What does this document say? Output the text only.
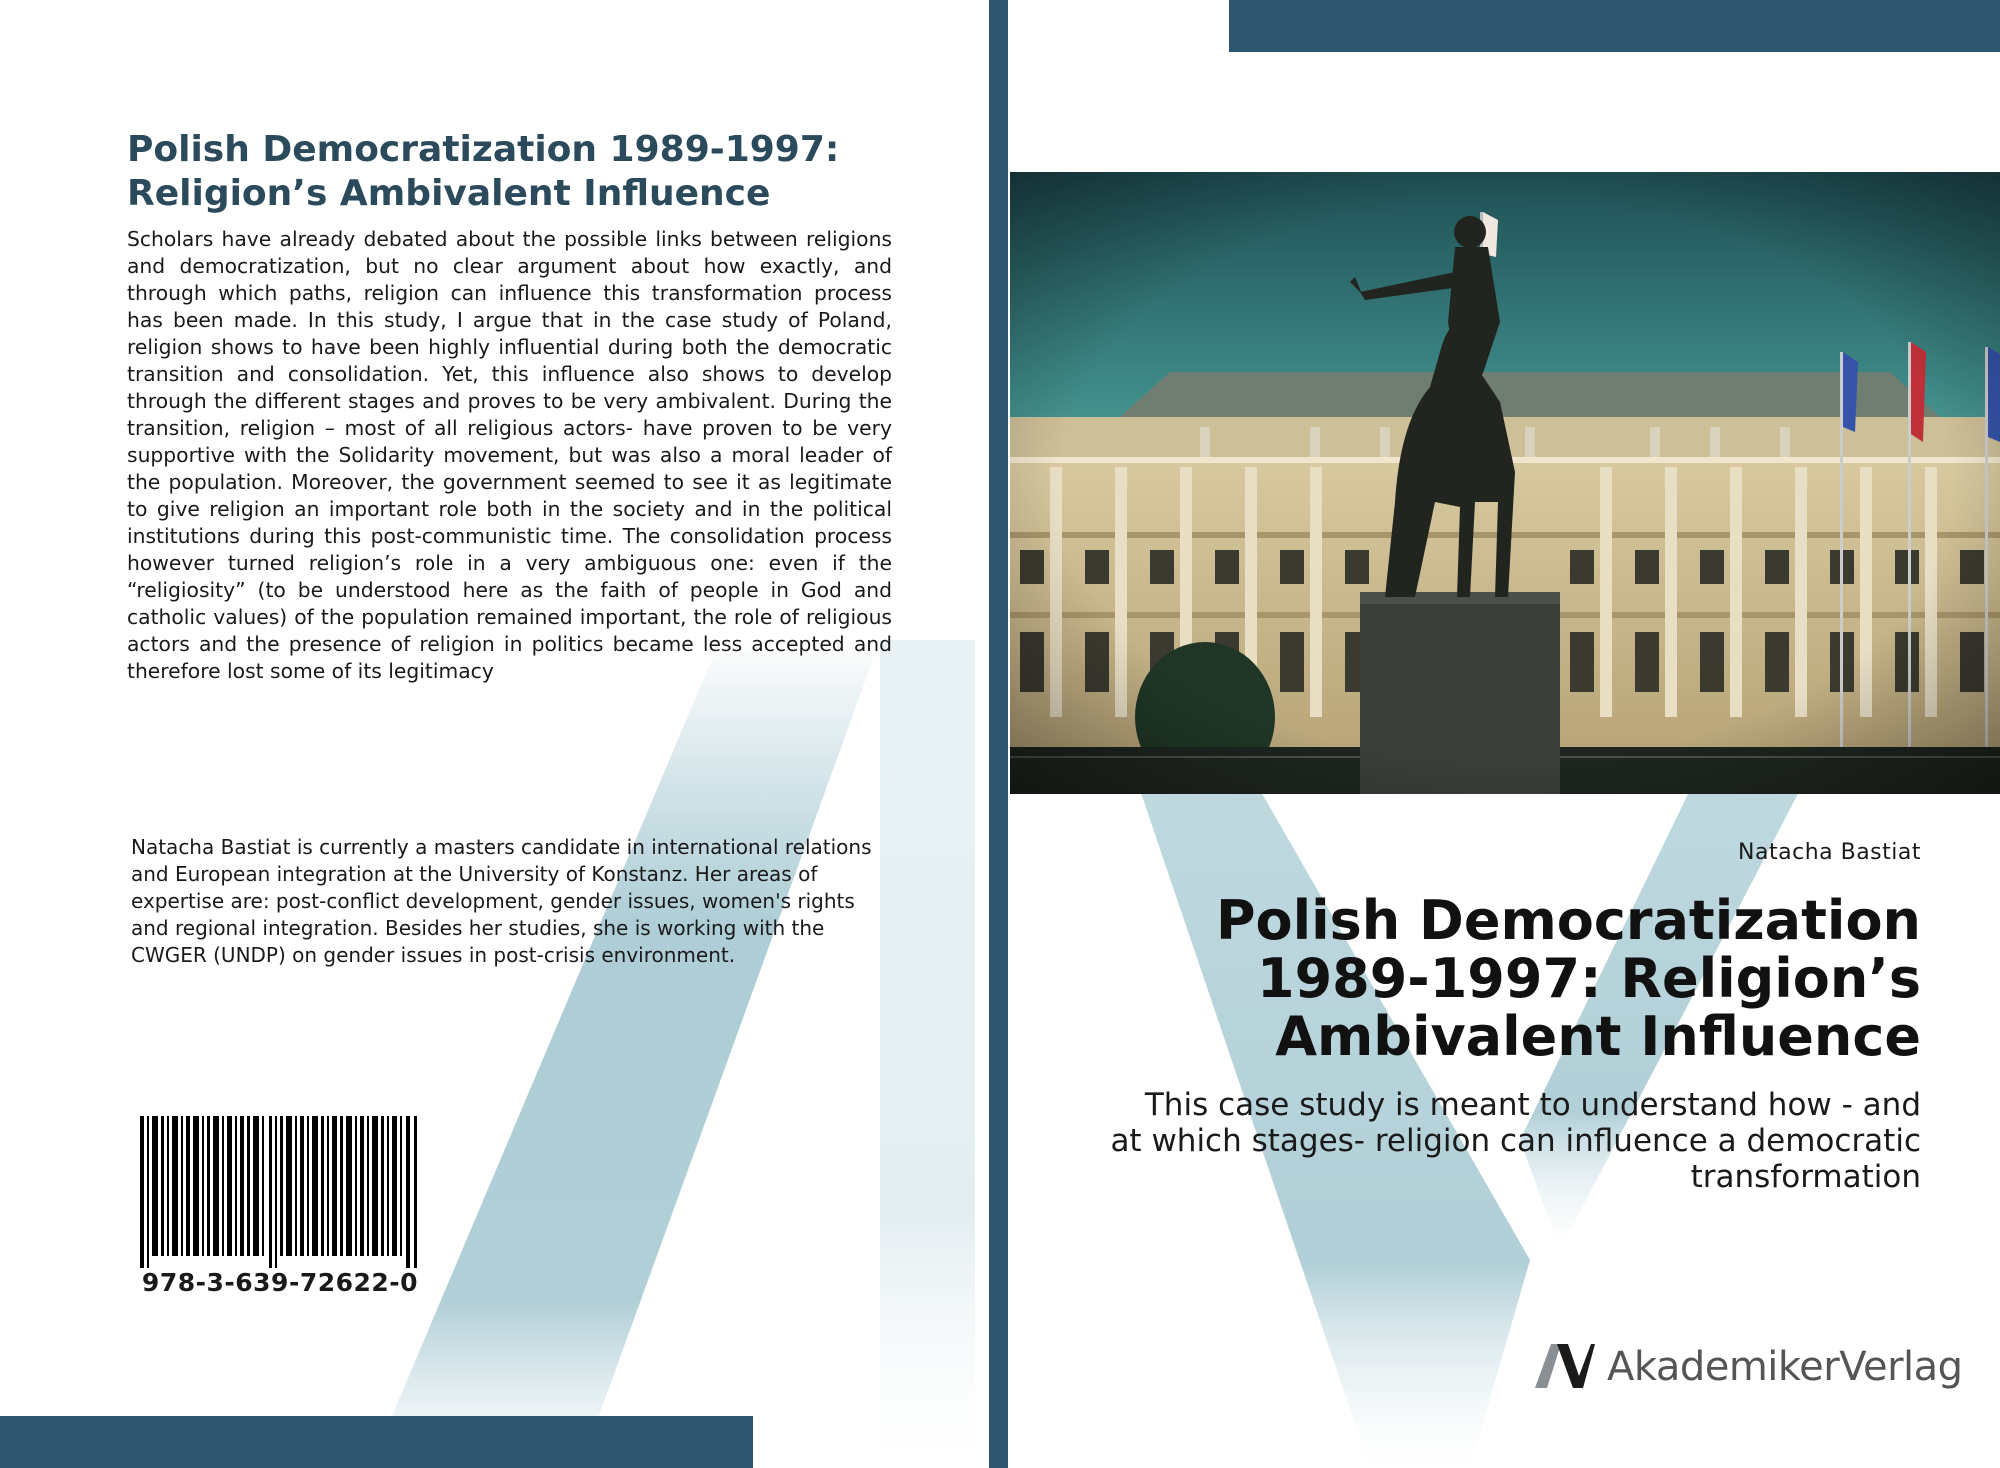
Polish Democratization 1989-1997:
Religion’s Ambivalent Influence

Scholars have already debated about the possible links between religions and democratization, but no clear argument about how exactly, and through which paths, religion can influence this transformation process has been made. In this study, I argue that in the case study of Poland, religion shows to have been highly influential during both the democratic transition and consolidation. Yet, this influence also shows to develop through the different stages and proves to be very ambivalent. During the transition, religion – most of all religious actors- have proven to be very supportive with the Solidarity movement, but was also a moral leader of the population. Moreover, the government seemed to see it as legitimate to give religion an important role both in the society and in the political institutions during this post-communistic time. The consolidation process however turned religion’s role in a very ambiguous one: even if the “religiosity” (to be understood here as the faith of people in God and catholic values) of the population remained important, the role of religious actors and the presence of religion in politics became less accepted and therefore lost some of its legitimacy

Natacha Bastiat is currently a masters candidate in international relations and European integration at the University of Konstanz. Her areas of expertise are: post-conflict development, gender issues, women's rights and regional integration. Besides her studies, she is working with the CWGER (UNDP) on gender issues in post-crisis environment.

978-3-639-72622-0
Natacha Bastiat
Polish Democratization
1989-1997: Religion’s
Ambivalent Influence

This case study is meant to understand how - and
at which stages- religion can influence a democratic
transformation

AkademikerVerlag
